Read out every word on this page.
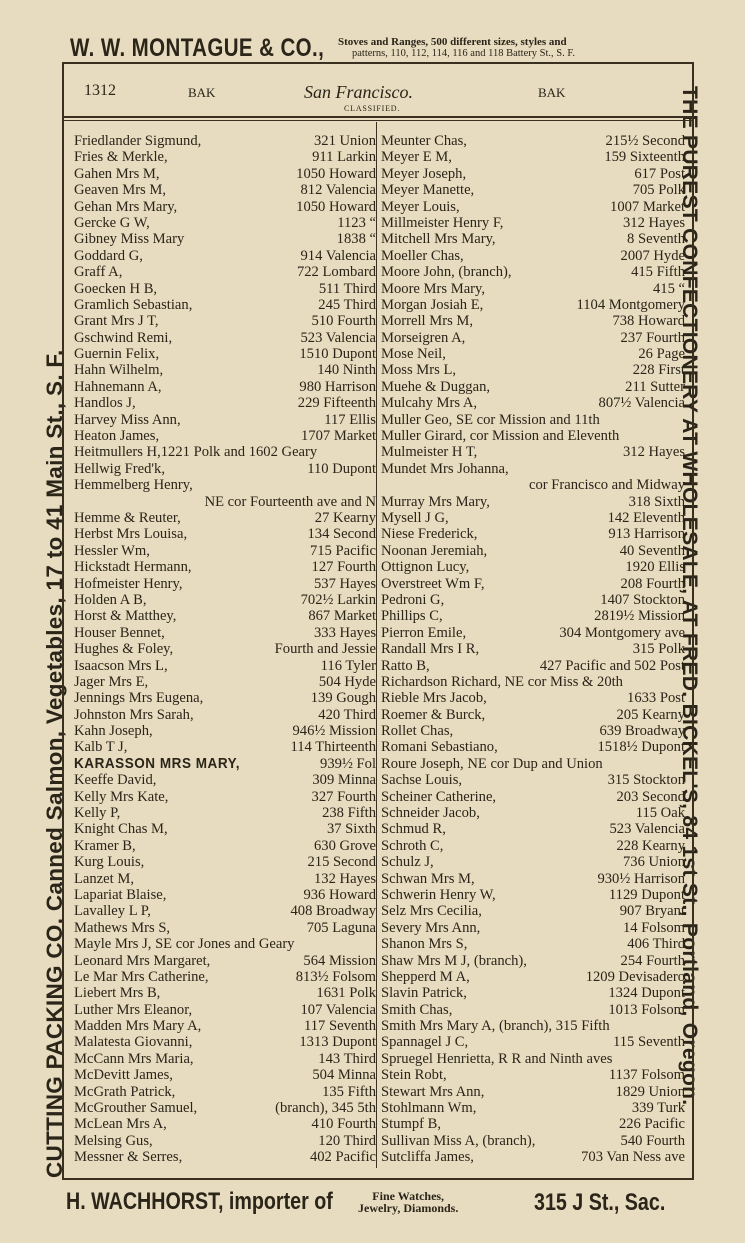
W. W. MONTAGUE & CO., Stoves and Ranges, 500 different sizes, styles and
patterns, 110, 112, 114, 116 and 118 Battery St., S. F.
CUTTING PACKING CO. Canned Salmon, Vegetables, 17 to 41 Main St., S. F.	THE PUREST CONFECTIONERY AT WHOLESALE, AT FRED. BICKEL'S, 84 1st St., Portland, Oregon.
1312	BAK	San Francisco.	BAK
CLASSIFIED.
Friedlander Sigmund,	321 Union
Fries & Merkle,	911 Larkin
Gahen Mrs M,	1050 Howard
Geaven Mrs M,	812 Valencia
Gehan Mrs Mary,	1050 Howard
Gercke G W,	1123 “
Gibney Miss Mary	1838 “
Goddard G,	914 Valencia
Graff A,	722 Lombard
Goecken H B,	511 Third
Gramlich Sebastian,	245 Third
Grant Mrs J T,	510 Fourth
Gschwind Remi,	523 Valencia
Guernin Felix,	1510 Dupont
Hahn Wilhelm,	140 Ninth
Hahnemann A,	980 Harrison
Handlos J,	229 Fifteenth
Harvey Miss Ann,	117 Ellis
Heaton James,	1707 Market
Heitmullers H,1221 Polk and 1602 Geary
Hellwig Fred'k,	110 Dupont
Hemmelberg Henry,
NE cor Fourteenth ave and N
Hemme & Reuter,	27 Kearny
Herbst Mrs Louisa,	134 Second
Hessler Wm,	715 Pacific
Hickstadt Hermann,	127 Fourth
Hofmeister Henry,	537 Hayes
Holden A B,	702½ Larkin
Horst & Matthey,	867 Market
Houser Bennet,	333 Hayes
Hughes & Foley,	Fourth and Jessie
Isaacson Mrs L,	116 Tyler
Jager Mrs E,	504 Hyde
Jennings Mrs Eugena,	139 Gough
Johnston Mrs Sarah,	420 Third
Kahn Joseph,	946½ Mission
Kalb T J,	114 Thirteenth
KARASSON MRS MARY,	939½ Fol
Keeffe David,	309 Minna
Kelly Mrs Kate,	327 Fourth
Kelly P,	238 Fifth
Knight Chas M,	37 Sixth
Kramer B,	630 Grove
Kurg Louis,	215 Second
Lanzet M,	132 Hayes
Lapariat Blaise,	936 Howard
Lavalley L P,	408 Broadway
Mathews Mrs S,	705 Laguna
Mayle Mrs J, SE cor Jones and Geary
Leonard Mrs Margaret,	564 Mission
Le Mar Mrs Catherine,	813½ Folsom
Liebert Mrs B,	1631 Polk
Luther Mrs Eleanor,	107 Valencia
Madden Mrs Mary A,	117 Seventh
Malatesta Giovanni,	1313 Dupont
McCann Mrs Maria,	143 Third
McDevitt James,	504 Minna
McGrath Patrick,	135 Fifth
McGrouther Samuel,	(branch), 345 5th
McLean Mrs A,	410 Fourth
Melsing Gus,	120 Third
Messner & Serres,	402 Pacific
Meunter Chas,	215½ Second
Meyer E M,	159 Sixteenth
Meyer Joseph,	617 Post
Meyer Manette,	705 Polk
Meyer Louis,	1007 Market
Millmeister Henry F,	312 Hayes
Mitchell Mrs Mary,	8 Seventh
Moeller Chas,	2007 Hyde
Moore John, (branch),	415 Fifth
Moore Mrs Mary,	415 “
Morgan Josiah E,	1104 Montgomery
Morrell Mrs M,	738 Howard
Morseigren A,	237 Fourth
Mose Neil,	26 Page
Moss Mrs L,	228 First
Muehe & Duggan,	211 Sutter
Mulcahy Mrs A,	807½ Valencia
Muller Geo, SE cor Mission and 11th
Muller Girard, cor Mission and Eleventh
Mulmeister H T,	312 Hayes
Mundet Mrs Johanna,
cor Francisco and Midway
Murray Mrs Mary,	318 Sixth
Mysell J G,	142 Eleventh
Niese Frederick,	913 Harrison
Noonan Jeremiah,	40 Seventh
Ottignon Lucy,	1920 Ellis
Overstreet Wm F,	208 Fourth
Pedroni G,	1407 Stockton
Phillips C,	2819½ Mission
Pierron Emile,	304 Montgomery ave
Randall Mrs I R,	315 Polk
Ratto B,	427 Pacific and 502 Post
Richardson Richard, NE cor Miss & 20th
Rieble Mrs Jacob,	1633 Post
Roemer & Burck,	205 Kearny
Rollet Chas,	639 Broadway
Romani Sebastiano,	1518½ Dupont
Roure Joseph, NE cor Dup and Union
Sachse Louis,	315 Stockton
Scheiner Catherine,	203 Second
Schneider Jacob,	115 Oak
Schmud R,	523 Valencia
Schroth C,	228 Kearny
Schulz J,	736 Union
Schwan Mrs M,	930½ Harrison
Schwerin Henry W,	1129 Dupont
Selz Mrs Cecilia,	907 Bryant
Severy Mrs Ann,	14 Folsom
Shanon Mrs S,	406 Third
Shaw Mrs M J, (branch),	254 Fourth
Shepperd M A,	1209 Devisadero
Slavin Patrick,	1324 Dupont
Smith Chas,	1013 Folsom
Smith Mrs Mary A, (branch), 315 Fifth
Spannagel J C,	115 Seventh
Spruegel Henrietta, R R and Ninth aves
Stein Robt,	1137 Folsom
Stewart Mrs Ann,	1829 Union
Stohlmann Wm,	339 Turk
Stumpf B,	226 Pacific
Sullivan Miss A, (branch),	540 Fourth
Sutcliffa James,	703 Van Ness ave
H. WACHHORST, importer of	Fine Watches,
Jewelry, Diamonds.	315 J St., Sac.
